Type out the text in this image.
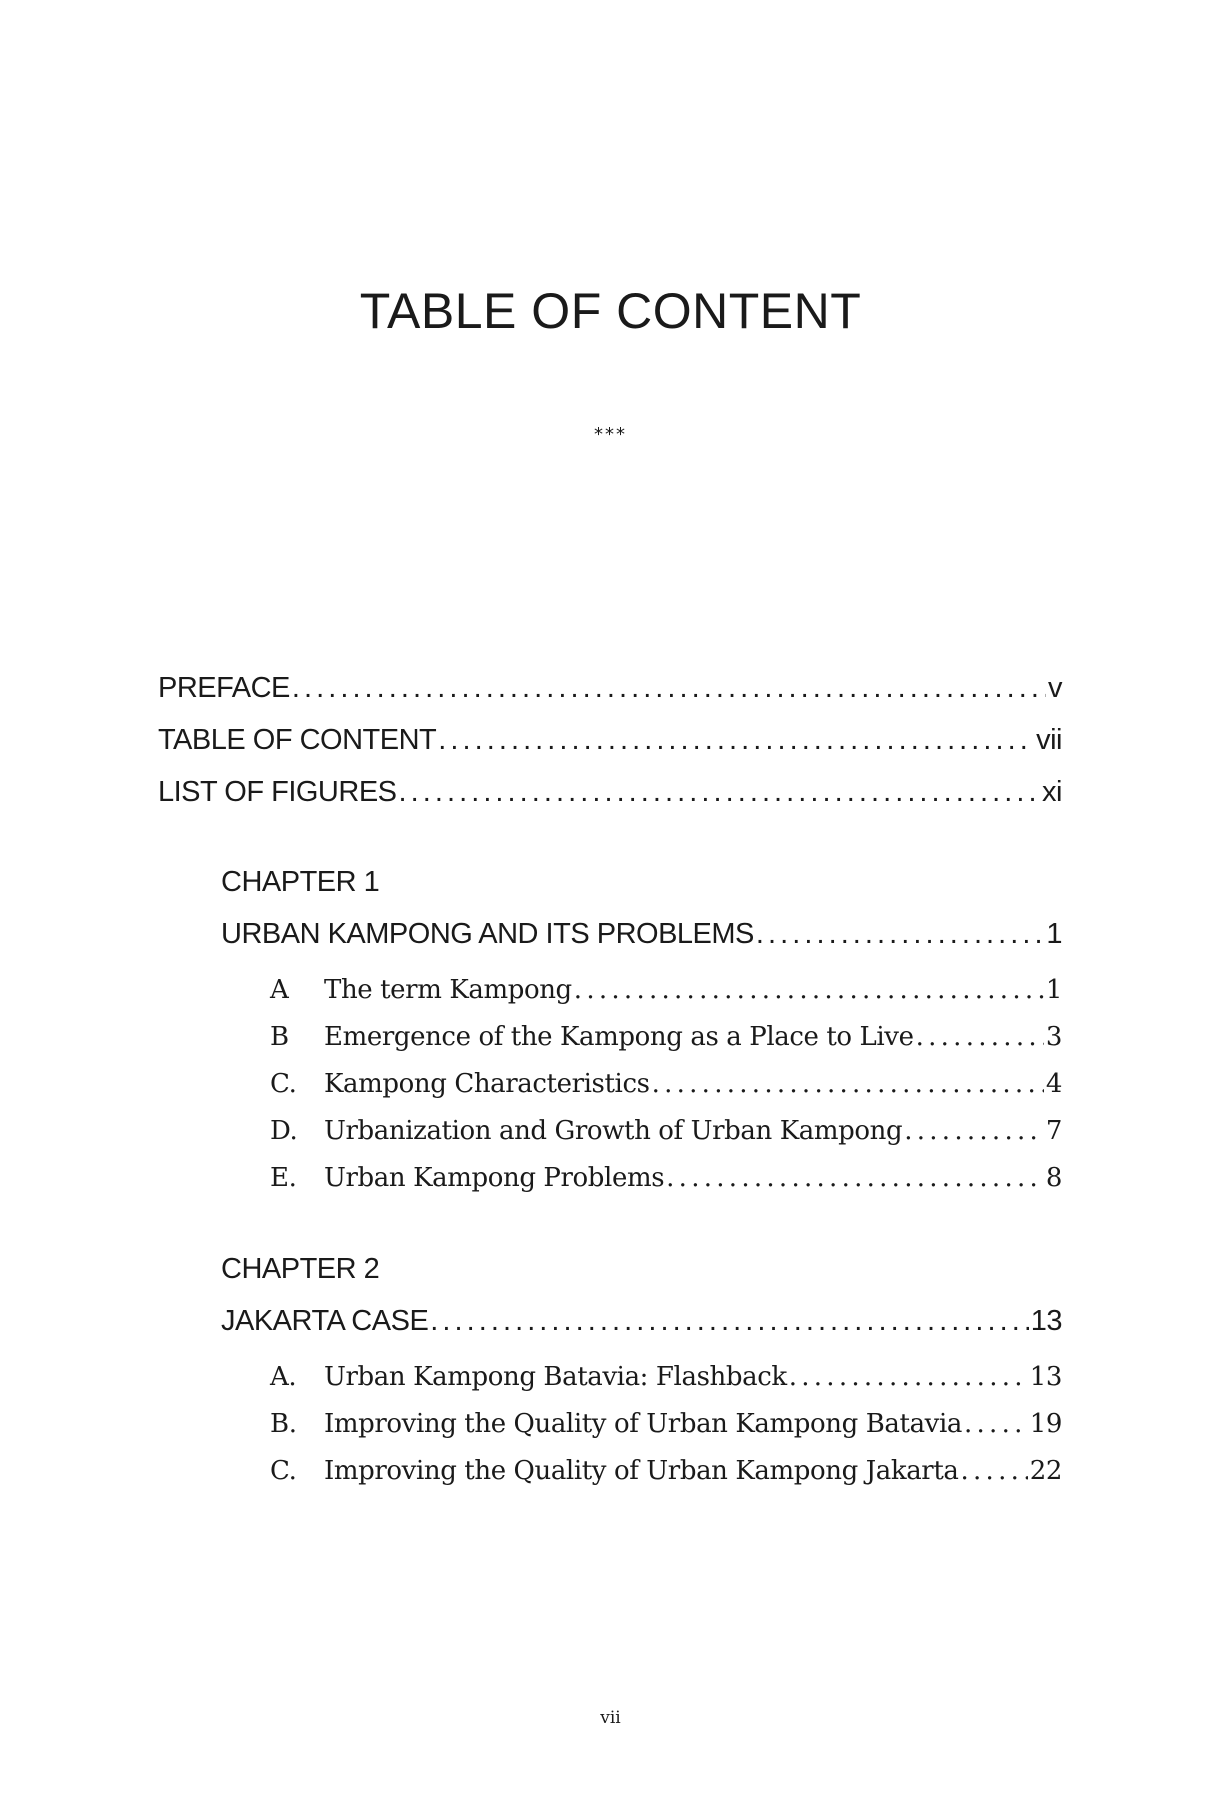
TABLE OF CONTENT
***
PREFACE . . .	v
TABLE OF CONTENT . . .	vii
LIST OF FIGURES . . .	xi
CHAPTER 1
URBAN KAMPONG AND ITS PROBLEMS . . .	1
A	The term Kampong . . .	1
B	Emergence of the Kampong as a Place to Live . . .	3
C.	Kampong Characteristics . . .	4
D.	Urbanization and Growth of Urban Kampong . . .	7
E.	Urban Kampong Problems . . .	8
CHAPTER 2
JAKARTA CASE . . .	13
A.	Urban Kampong Batavia: Flashback . . .	13
B.	Improving the Quality of Urban Kampong Batavia . . .	19
C.	Improving the Quality of Urban Kampong Jakarta . . .	22
vii
